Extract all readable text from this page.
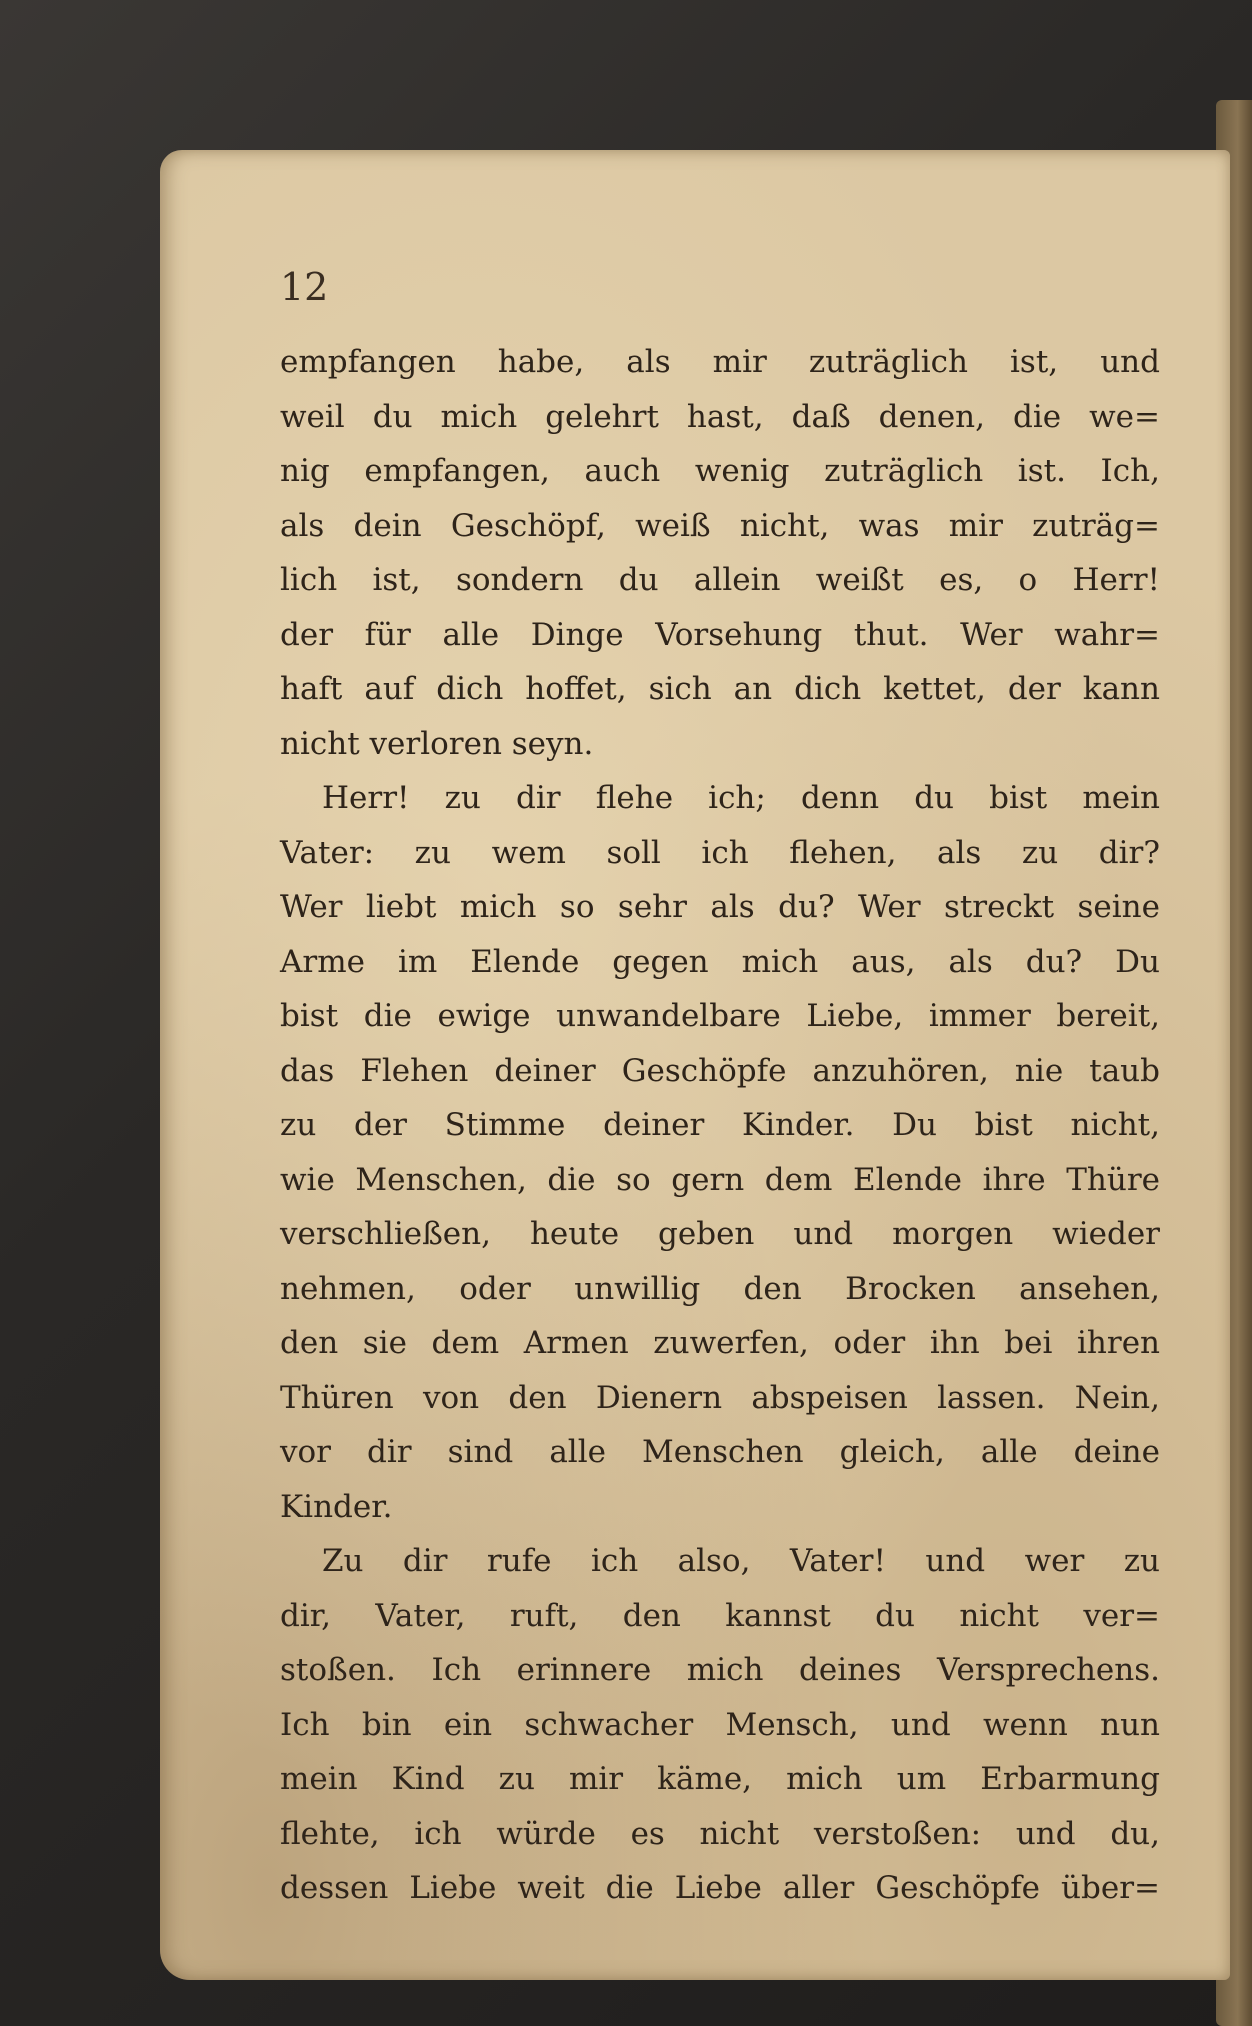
12
empfangen habe, als mir zuträglich ist, und
weil du mich gelehrt hast, daß denen, die we=
nig empfangen, auch wenig zuträglich ist. Ich,
als dein Geschöpf, weiß nicht, was mir zuträg=
lich ist, sondern du allein weißt es, o Herr!
der für alle Dinge Vorsehung thut. Wer wahr=
haft auf dich hoffet, sich an dich kettet, der kann
nicht verloren seyn.
Herr! zu dir flehe ich; denn du bist mein
Vater: zu wem soll ich flehen, als zu dir?
Wer liebt mich so sehr als du? Wer streckt seine
Arme im Elende gegen mich aus, als du? Du
bist die ewige unwandelbare Liebe, immer bereit,
das Flehen deiner Geschöpfe anzuhören, nie taub
zu der Stimme deiner Kinder. Du bist nicht,
wie Menschen, die so gern dem Elende ihre Thüre
verschließen, heute geben und morgen wieder
nehmen, oder unwillig den Brocken ansehen,
den sie dem Armen zuwerfen, oder ihn bei ihren
Thüren von den Dienern abspeisen lassen. Nein,
vor dir sind alle Menschen gleich, alle deine
Kinder.
Zu dir rufe ich also, Vater! und wer zu
dir, Vater, ruft, den kannst du nicht ver=
stoßen. Ich erinnere mich deines Versprechens.
Ich bin ein schwacher Mensch, und wenn nun
mein Kind zu mir käme, mich um Erbarmung
flehte, ich würde es nicht verstoßen: und du,
dessen Liebe weit die Liebe aller Geschöpfe über=
